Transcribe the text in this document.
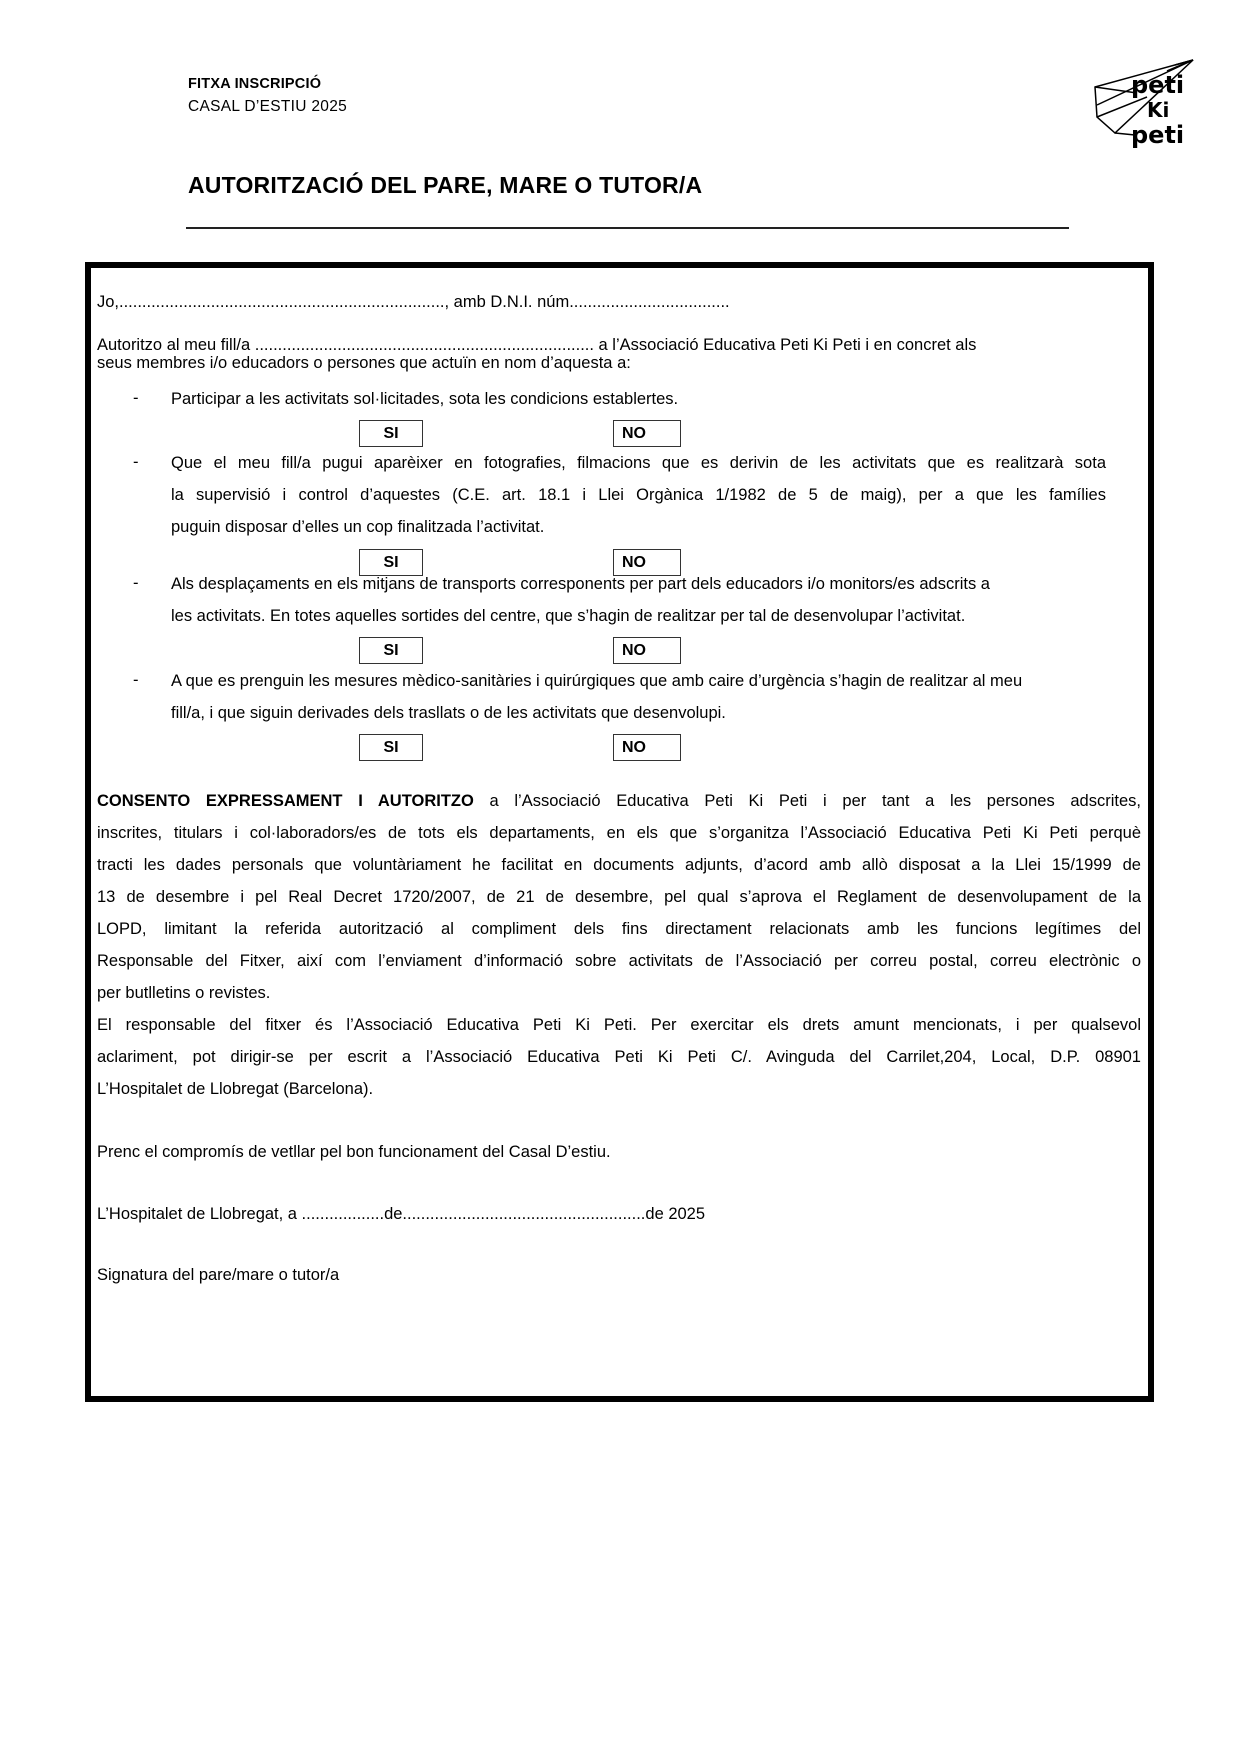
FITXA INSCRIPCIÓ
CASAL D’ESTIU 2025
AUTORITZACIÓ DEL PARE, MARE O TUTOR/A
peti
Ki
peti
Jo,......................................................................., amb D.N.I. núm...................................
Autoritzo al meu fill/a .......................................................................... a l’Associació Educativa Peti Ki Peti i en concret als
seus membres i/o educadors o persones que actuïn en nom d’aquesta a:
- Participar a les activitats sol·licitades, sota les condicions establertes.
SI	NO
- Que el meu fill/a pugui aparèixer en fotografies, filmacions que es derivin de les activitats que es realitzarà sota
la supervisió i control d’aquestes (C.E. art. 18.1 i Llei Orgànica 1/1982 de 5 de maig), per a que les famílies
puguin disposar d’elles un cop finalitzada l’activitat.
SI	NO
- Als desplaçaments en els mitjans de transports corresponents per part dels educadors i/o monitors/es adscrits a
les activitats. En totes aquelles sortides del centre, que s’hagin de realitzar per tal de desenvolupar l’activitat.
SI	NO
- A que es prenguin les mesures mèdico-sanitàries i quirúrgiques que amb caire d’urgència s’hagin de realitzar al meu
fill/a, i que siguin derivades dels trasllats o de les activitats que desenvolupi.
SI	NO
CONSENTO EXPRESSAMENT I AUTORITZO a l’Associació Educativa Peti Ki Peti i per tant a les persones adscrites,
inscrites, titulars i col·laboradors/es de tots els departaments, en els que s’organitza l’Associació Educativa Peti Ki Peti perquè
tracti les dades personals que voluntàriament he facilitat en documents adjunts, d’acord amb allò disposat a la Llei 15/1999 de
13 de desembre i pel Real Decret 1720/2007, de 21 de desembre, pel qual s’aprova el Reglament de desenvolupament de la
LOPD, limitant la referida autorització al compliment dels fins directament relacionats amb les funcions legítimes del
Responsable del Fitxer, així com l’enviament d’informació sobre activitats de l’Associació per correu postal, correu electrònic o
per butlletins o revistes.
El responsable del fitxer és l’Associació Educativa Peti Ki Peti. Per exercitar els drets amunt mencionats, i per qualsevol
aclariment, pot dirigir-se per escrit a l’Associació Educativa Peti Ki Peti C/. Avinguda del Carrilet,204, Local, D.P. 08901
L’Hospitalet de Llobregat (Barcelona).
Prenc el compromís de vetllar pel bon funcionament del Casal D’estiu.
L’Hospitalet de Llobregat, a ..................de.....................................................de 2025
Signatura del pare/mare o tutor/a
